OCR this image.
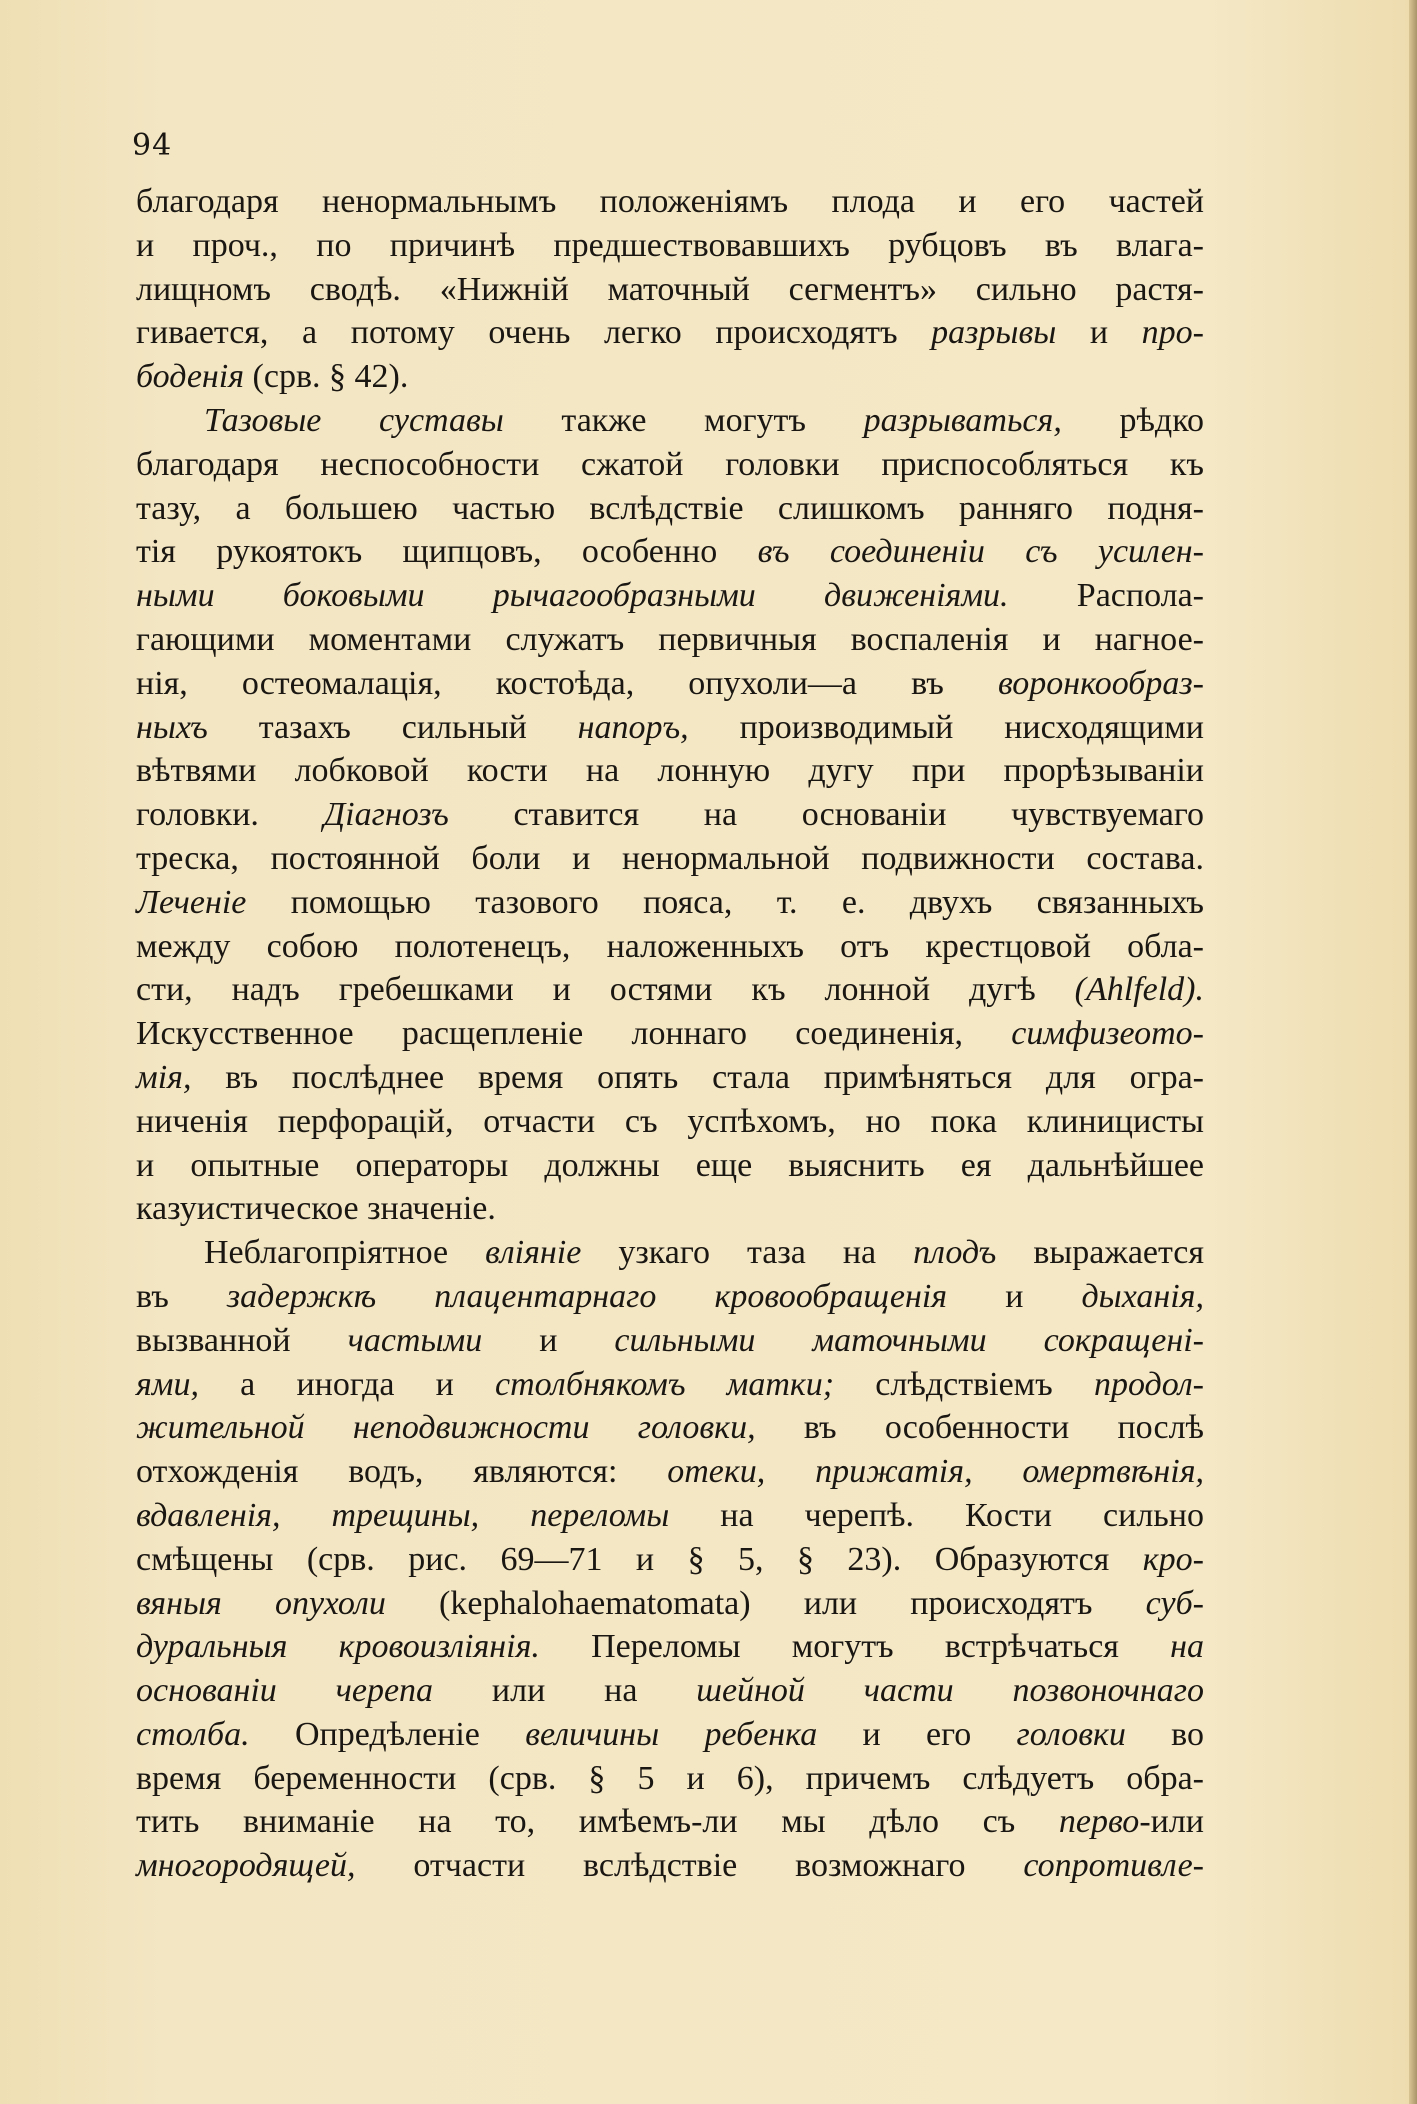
94
благодаря ненормальнымъ положеніямъ плода и его частей
и проч., по причинѣ предшествовавшихъ рубцовъ въ влага-
лищномъ сводѣ. «Нижній маточный сегментъ» сильно растя-
гивается, а потому очень легко происходятъ разрывы и про-
боденія (срв. § 42).
Тазовые суставы также могутъ разрываться, рѣдко
благодаря неспособности сжатой головки приспособляться къ
тазу, а большею частью вслѣдствіе слишкомъ ранняго подня-
тія рукоятокъ щипцовъ, особенно въ соединеніи съ усилен-
ными боковыми рычагообразными движеніями. Распола-
гающими моментами служатъ первичныя воспаленія и нагное-
нія, остеомалація, костоѣда, опухоли—а въ воронкообраз-
ныхъ тазахъ сильный напоръ, производимый нисходящими
вѣтвями лобковой кости на лонную дугу при прорѣзываніи
головки. Діагнозъ ставится на основаніи чувствуемаго
треска, постоянной боли и ненормальной подвижности состава.
Леченіе помощью тазового пояса, т. е. двухъ связанныхъ
между собою полотенецъ, наложенныхъ отъ крестцовой обла-
сти, надъ гребешками и остями къ лонной дугѣ (Ahlfeld).
Искусственное расщепленіе лоннаго соединенія, симфизеото-
мія, въ послѣднее время опять стала примѣняться для огра-
ниченія перфорацій, отчасти съ успѣхомъ, но пока клиницисты
и опытные операторы должны еще выяснить ея дальнѣйшее
казуистическое значеніе.
Неблагопріятное вліяніе узкаго таза на плодъ выражается
въ задержкѣ плацентарнаго кровообращенія и дыханія,
вызванной частыми и сильными маточными сокращені-
ями, а иногда и столбнякомъ матки; слѣдствіемъ продол-
жительной неподвижности головки, въ особенности послѣ
отхожденія водъ, являются: отеки, прижатія, омертвѣнія,
вдавленія, трещины, переломы на черепѣ. Кости сильно
смѣщены (срв. рис. 69—71 и § 5, § 23). Образуются кро-
вяныя опухоли (kephalohaematomata) или происходятъ суб-
дуральныя кровоизліянія. Переломы могутъ встрѣчаться на
основаніи черепа или на шейной части позвоночнаго
столба. Опредѣленіе величины ребенка и его головки во
время беременности (срв. § 5 и 6), причемъ слѣдуетъ обра-
тить вниманіе на то, имѣемъ-ли мы дѣло съ перво-или
многородящей, отчасти вслѣдствіе возможнаго сопротивле-
